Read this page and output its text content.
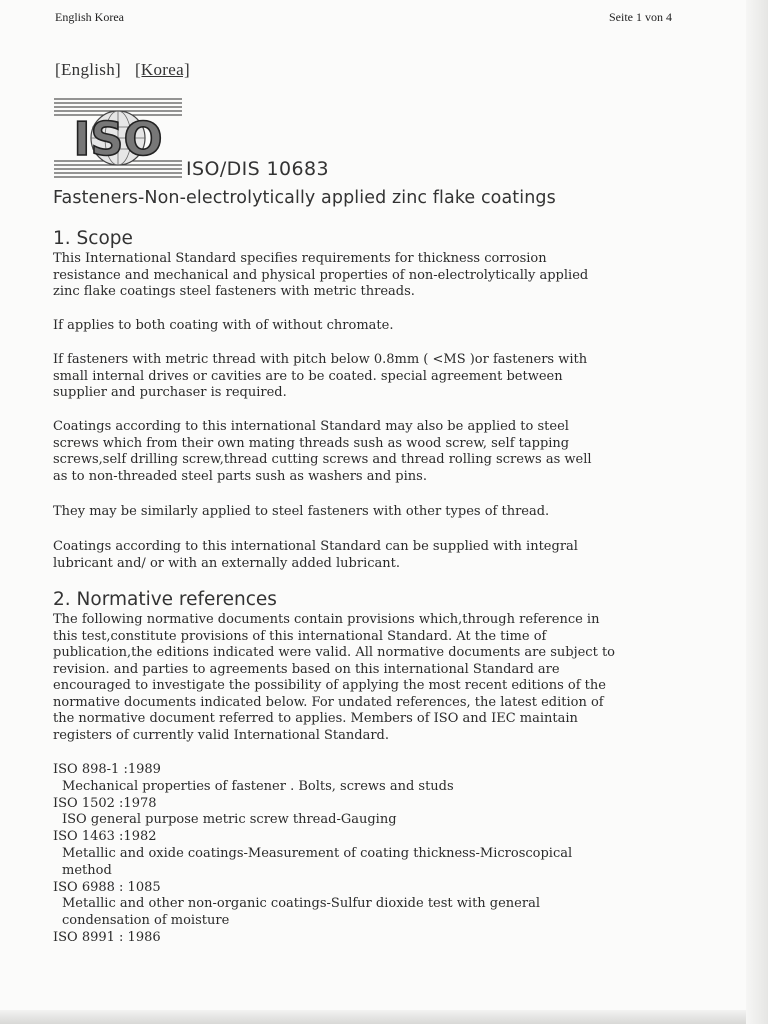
English Korea	Seite 1 von 4
[English] [Korea]
ISO
ISO/DIS 10683
Fasteners-Non-electrolytically applied zinc flake coatings
1. Scope
This International Standard specifies requirements for thickness corrosion
resistance and mechanical and physical properties of non-electrolytically applied
zinc flake coatings steel fasteners with metric threads.
If applies to both coating with of without chromate.
If fasteners with metric thread with pitch below 0.8mm ( <MS )or fasteners with
small internal drives or cavities are to be coated. special agreement between
supplier and purchaser is required.
Coatings according to this international Standard may also be applied to steel
screws which from their own mating threads sush as wood screw, self tapping
screws,self drilling screw,thread cutting screws and thread rolling screws as well
as to non-threaded steel parts sush as washers and pins.
They may be similarly applied to steel fasteners with other types of thread.
Coatings according to this international Standard can be supplied with integral
lubricant and/ or with an externally added lubricant.
2. Normative references
The following normative documents contain provisions which,through reference in
this test,constitute provisions of this international Standard. At the time of
publication,the editions indicated were valid. All normative documents are subject to
revision. and parties to agreements based on this international Standard are
encouraged to investigate the possibility of applying the most recent editions of the
normative documents indicated below. For undated references, the latest edition of
the normative document referred to applies. Members of ISO and IEC maintain
registers of currently valid International Standard.
ISO 898-1 :1989
Mechanical properties of fastener . Bolts, screws and studs
ISO 1502 :1978
ISO general purpose metric screw thread-Gauging
ISO 1463 :1982
Metallic and oxide coatings-Measurement of coating thickness-Microscopical
method
ISO 6988 : 1085
Metallic and other non-organic coatings-Sulfur dioxide test with general
condensation of moisture
ISO 8991 : 1986
